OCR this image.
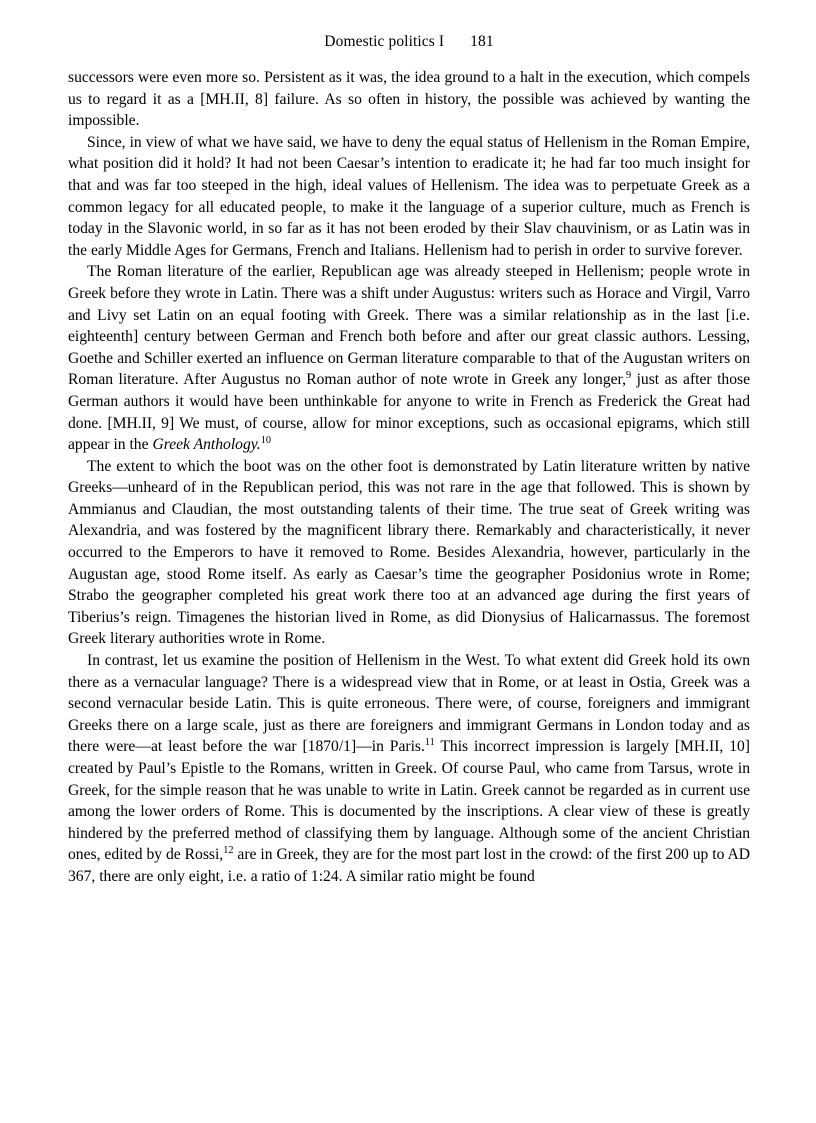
Domestic politics I 181

successors were even more so. Persistent as it was, the idea ground to a halt in the execution, which compels us to regard it as a [MH.II, 8] failure. As so often in history, the possible was achieved by wanting the impossible.

Since, in view of what we have said, we have to deny the equal status of Hellenism in the Roman Empire, what position did it hold? It had not been Caesar’s intention to eradicate it; he had far too much insight for that and was far too steeped in the high, ideal values of Hellenism. The idea was to perpetuate Greek as a common legacy for all educated people, to make it the language of a superior culture, much as French is today in the Slavonic world, in so far as it has not been eroded by their Slav chauvinism, or as Latin was in the early Middle Ages for Germans, French and Italians. Hellenism had to perish in order to survive forever.

The Roman literature of the earlier, Republican age was already steeped in Hellenism; people wrote in Greek before they wrote in Latin. There was a shift under Augustus: writers such as Horace and Virgil, Varro and Livy set Latin on an equal footing with Greek. There was a similar relationship as in the last [i.e. eighteenth] century between German and French both before and after our great classic authors. Lessing, Goethe and Schiller exerted an influence on German literature comparable to that of the Augustan writers on Roman literature. After Augustus no Roman author of note wrote in Greek any longer,$^9$ just as after those German authors it would have been unthinkable for anyone to write in French as Frederick the Great had done. [MH.II, 9] We must, of course, allow for minor exceptions, such as occasional epigrams, which still appear in the Greek Anthology.$^{10}$

The extent to which the boot was on the other foot is demonstrated by Latin literature written by native Greeks—unheard of in the Republican period, this was not rare in the age that followed. This is shown by Ammianus and Claudian, the most outstanding talents of their time. The true seat of Greek writing was Alexandria, and was fostered by the magnificent library there. Remarkably and characteristically, it never occurred to the Emperors to have it removed to Rome. Besides Alexandria, however, particularly in the Augustan age, stood Rome itself. As early as Caesar’s time the geographer Posidonius wrote in Rome; Strabo the geographer completed his great work there too at an advanced age during the first years of Tiberius’s reign. Timagenes the historian lived in Rome, as did Dionysius of Halicarnassus. The foremost Greek literary authorities wrote in Rome.

In contrast, let us examine the position of Hellenism in the West. To what extent did Greek hold its own there as a vernacular language? There is a widespread view that in Rome, or at least in Ostia, Greek was a second vernacular beside Latin. This is quite erroneous. There were, of course, foreigners and immigrant Greeks there on a large scale, just as there are foreigners and immigrant Germans in London today and as there were—at least before the war [1870/1]—in Paris.$^{11}$ This incorrect impression is largely [MH.II, 10] created by Paul’s Epistle to the Romans, written in Greek. Of course Paul, who came from Tarsus, wrote in Greek, for the simple reason that he was unable to write in Latin. Greek cannot be regarded as in current use among the lower orders of Rome. This is documented by the inscriptions. A clear view of these is greatly hindered by the preferred method of classifying them by language. Although some of the ancient Christian ones, edited by de Rossi,$^{12}$ are in Greek, they are for the most part lost in the crowd: of the first 200 up to AD 367, there are only eight, i.e. a ratio of 1:24. A similar ratio might be found
